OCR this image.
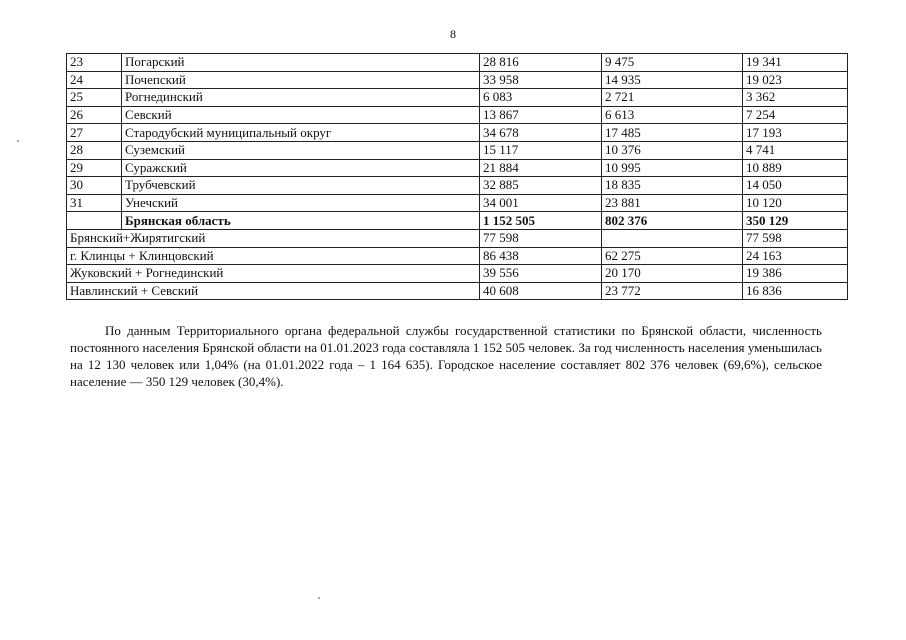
8
23	Погарский	28 816	9 475	19 341
24	Почепский	33 958	14 935	19 023
25	Рогнединский	6 083	2 721	3 362
26	Севский	13 867	6 613	7 254
27	Стародубский муниципальный округ	34 678	17 485	17 193
28	Суземский	15 117	10 376	4 741
29	Суражский	21 884	10 995	10 889
30	Трубчевский	32 885	18 835	14 050
31	Унечский	34 001	23 881	10 120
	Брянская область	1 152 505	802 376	350 129
Брянский+Жирятигский		77 598		77 598
г. Клинцы + Клинцовский		86 438	62 275	24 163
Жуковский + Рогнединский		39 556	20 170	19 386
Навлинский + Севский		40 608	23 772	16 836

По данным Территориального органа федеральной службы государственной статистики по Брянской области, численность постоянного населения Брянской области на 01.01.2023 года составляла 1 152 505 человек. За год численность населения уменьшилась на 12 130 человек или 1,04% (на 01.01.2022 года – 1 164 635). Городское население составляет 802 376 человек (69,6%), сельское население — 350 129 человек (30,4%).
